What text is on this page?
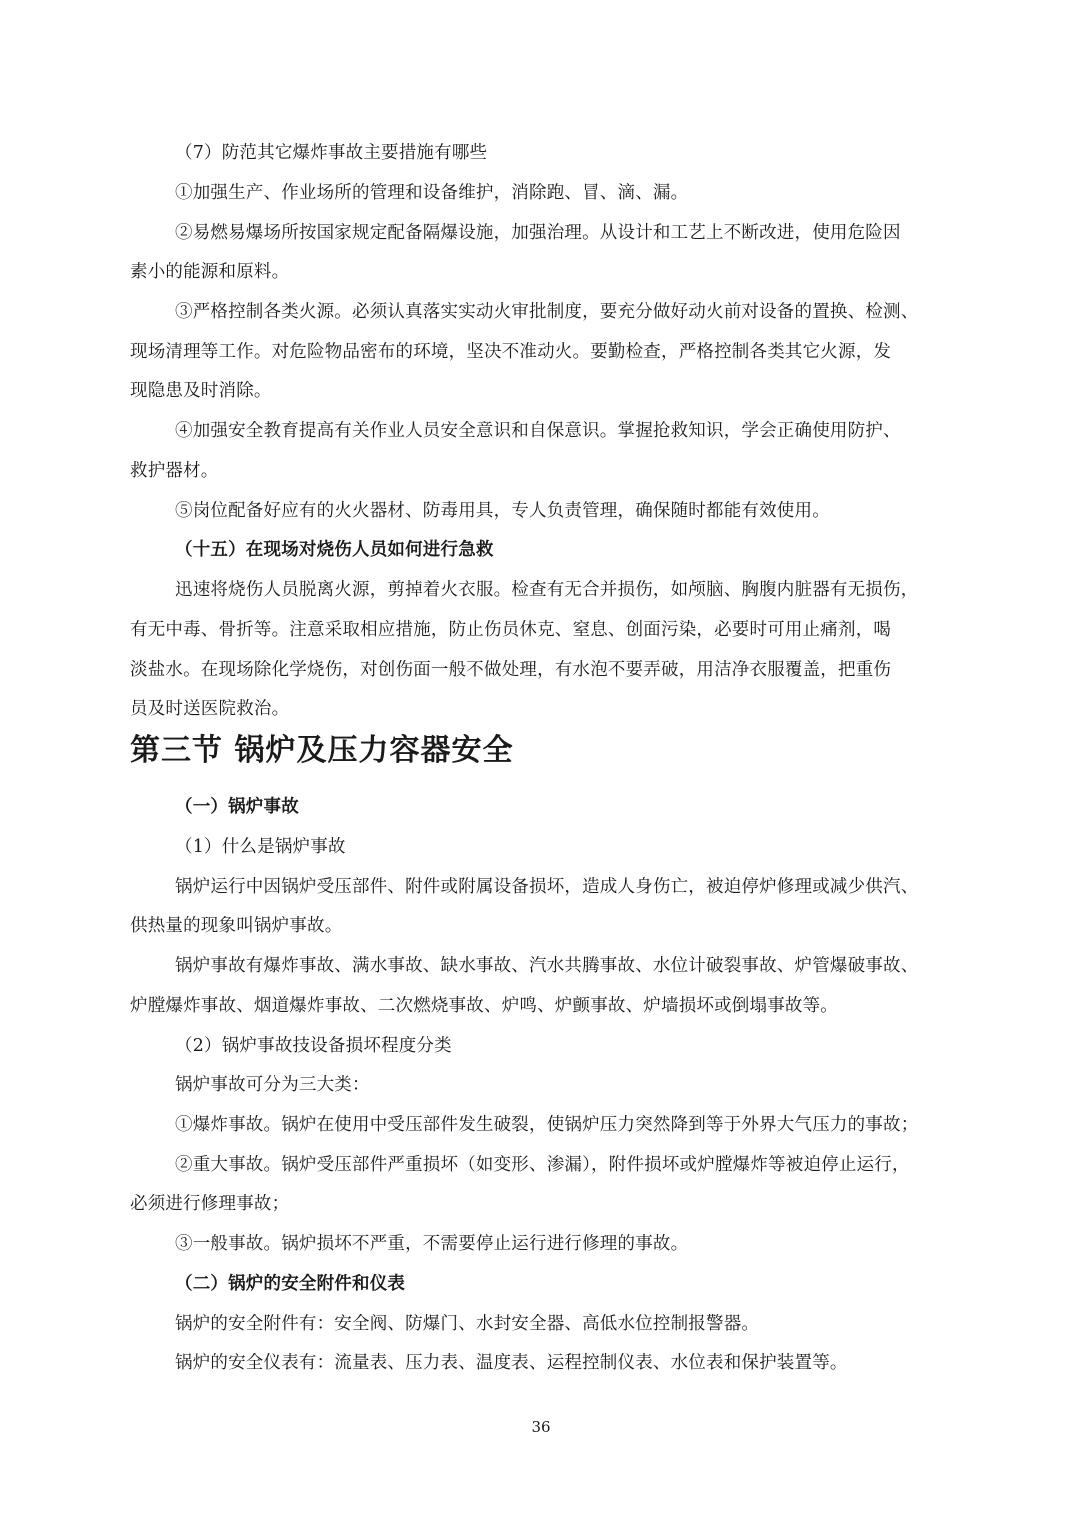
（7）防范其它爆炸事故主要措施有哪些
①加强生产、作业场所的管理和设备维护，消除跑、冒、滴、漏。
②易燃易爆场所按国家规定配备隔爆设施，加强治理。从设计和工艺上不断改进，使用危险因
素小的能源和原料。
③严格控制各类火源。必须认真落实实动火审批制度，要充分做好动火前对设备的置换、检测、
现场清理等工作。对危险物品密布的环境，坚决不准动火。要勤检查，严格控制各类其它火源，发
现隐患及时消除。
④加强安全教育提高有关作业人员安全意识和自保意识。掌握抢救知识，学会正确使用防护、
救护器材。
⑤岗位配备好应有的火火器材、防毒用具，专人负责管理，确保随时都能有效使用。
（十五）在现场对烧伤人员如何进行急救
迅速将烧伤人员脱离火源，剪掉着火衣服。检查有无合并损伤，如颅脑、胸腹内脏器有无损伤，
有无中毒、骨折等。注意采取相应措施，防止伤员休克、窒息、创面污染，必要时可用止痛剂，喝
淡盐水。在现场除化学烧伤，对创伤面一般不做处理，有水泡不要弄破，用洁净衣服覆盖，把重伤
员及时送医院救治。
第三节 锅炉及压力容器安全
（一）锅炉事故
（1）什么是锅炉事故
锅炉运行中因锅炉受压部件、附件或附属设备损坏，造成人身伤亡，被迫停炉修理或减少供汽、
供热量的现象叫锅炉事故。
锅炉事故有爆炸事故、满水事故、缺水事故、汽水共腾事故、水位计破裂事故、炉管爆破事故、
炉膛爆炸事故、烟道爆炸事故、二次燃烧事故、炉鸣、炉颤事故、炉墙损坏或倒塌事故等。
（2）锅炉事故技设备损坏程度分类
锅炉事故可分为三大类：
①爆炸事故。锅炉在使用中受压部件发生破裂，使锅炉压力突然降到等于外界大气压力的事故；
②重大事故。锅炉受压部件严重损坏（如变形、渗漏），附件损坏或炉膛爆炸等被迫停止运行，
必须进行修理事故；
③一般事故。锅炉损坏不严重，不需要停止运行进行修理的事故。
（二）锅炉的安全附件和仪表
锅炉的安全附件有：安全阀、防爆门、水封安全器、高低水位控制报警器。
锅炉的安全仪表有：流量表、压力表、温度表、运程控制仪表、水位表和保护装置等。
36
